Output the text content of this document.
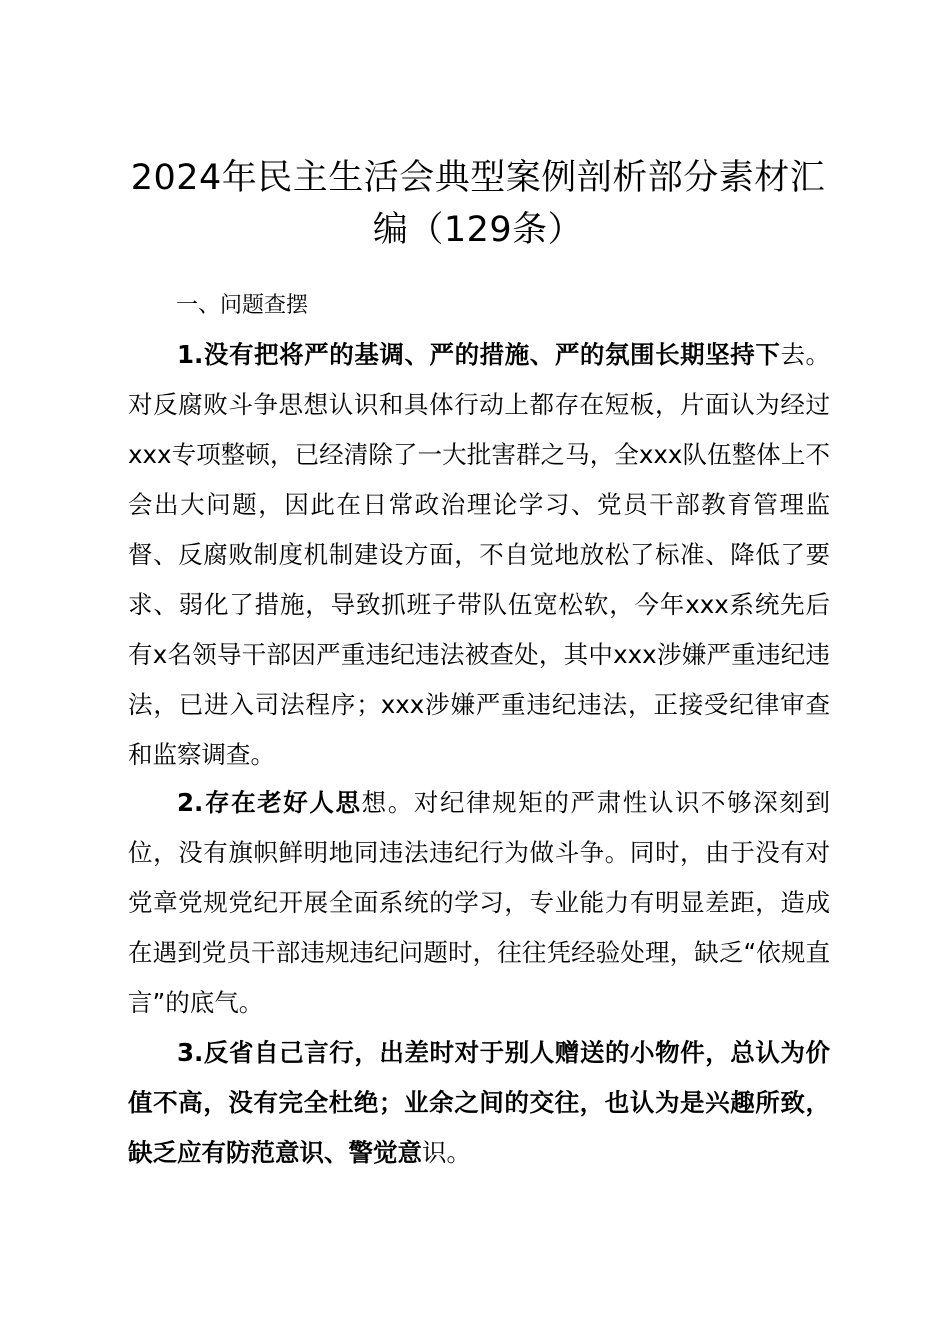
2024年民主生活会典型案例剖析部分素材汇编（129条）

一、问题查摆

1.没有把将严的基调、严的措施、严的氛围长期坚持下去。对反腐败斗争思想认识和具体行动上都存在短板，片面认为经过xxx专项整顿，已经清除了一大批害群之马，全xxx队伍整体上不会出大问题，因此在日常政治理论学习、党员干部教育管理监督、反腐败制度机制建设方面，不自觉地放松了标准、降低了要求、弱化了措施，导致抓班子带队伍宽松软，今年xxx系统先后有x名领导干部因严重违纪违法被查处，其中xxx涉嫌严重违纪违法，已进入司法程序；xxx涉嫌严重违纪违法，正接受纪律审查和监察调查。

2.存在老好人思想。对纪律规矩的严肃性认识不够深刻到位，没有旗帜鲜明地同违法违纪行为做斗争。同时，由于没有对党章党规党纪开展全面系统的学习，专业能力有明显差距，造成在遇到党员干部违规违纪问题时，往往凭经验处理，缺乏“依规直言”的底气。

3.反省自己言行，出差时对于别人赠送的小物件，总认为价值不高，没有完全杜绝；业余之间的交往，也认为是兴趣所致，缺乏应有防范意识、警觉意识。
